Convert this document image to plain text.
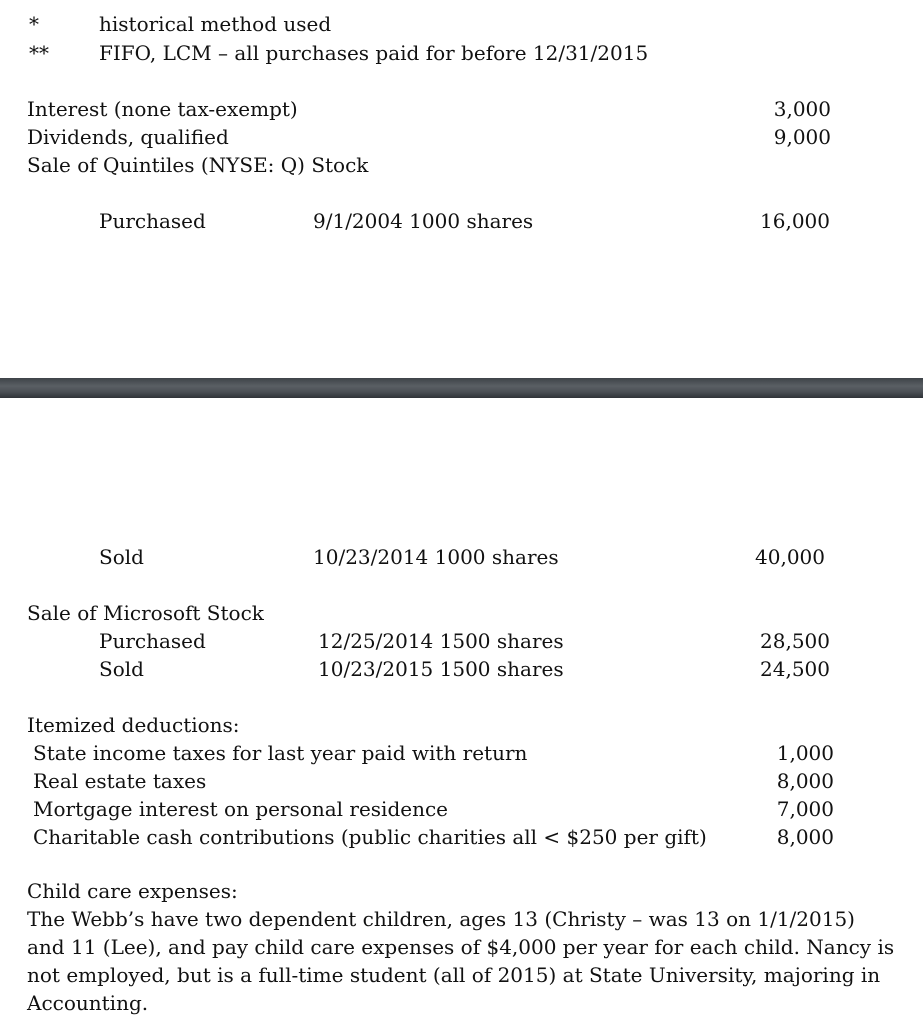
*	historical method used
**	FIFO, LCM – all purchases paid for before 12/31/2015
Interest (none tax-exempt)	3,000
Dividends, qualified	9,000
Sale of Quintiles (NYSE: Q) Stock
Purchased	9/1/2004 1000 shares	16,000
Sold	10/23/2014 1000 shares	40,000
Sale of Microsoft Stock
Purchased	12/25/2014 1500 shares	28,500
Sold	10/23/2015 1500 shares	24,500
Itemized deductions:
State income taxes for last year paid with return	1,000
Real estate taxes	8,000
Mortgage interest on personal residence	7,000
Charitable cash contributions (public charities all < $250 per gift)	8,000
Child care expenses:
The Webb’s have two dependent children, ages 13 (Christy – was 13 on 1/1/2015) and 11 (Lee), and pay child care expenses of $4,000 per year for each child. Nancy is not employed, but is a full-time student (all of 2015) at State University, majoring in Accounting.
